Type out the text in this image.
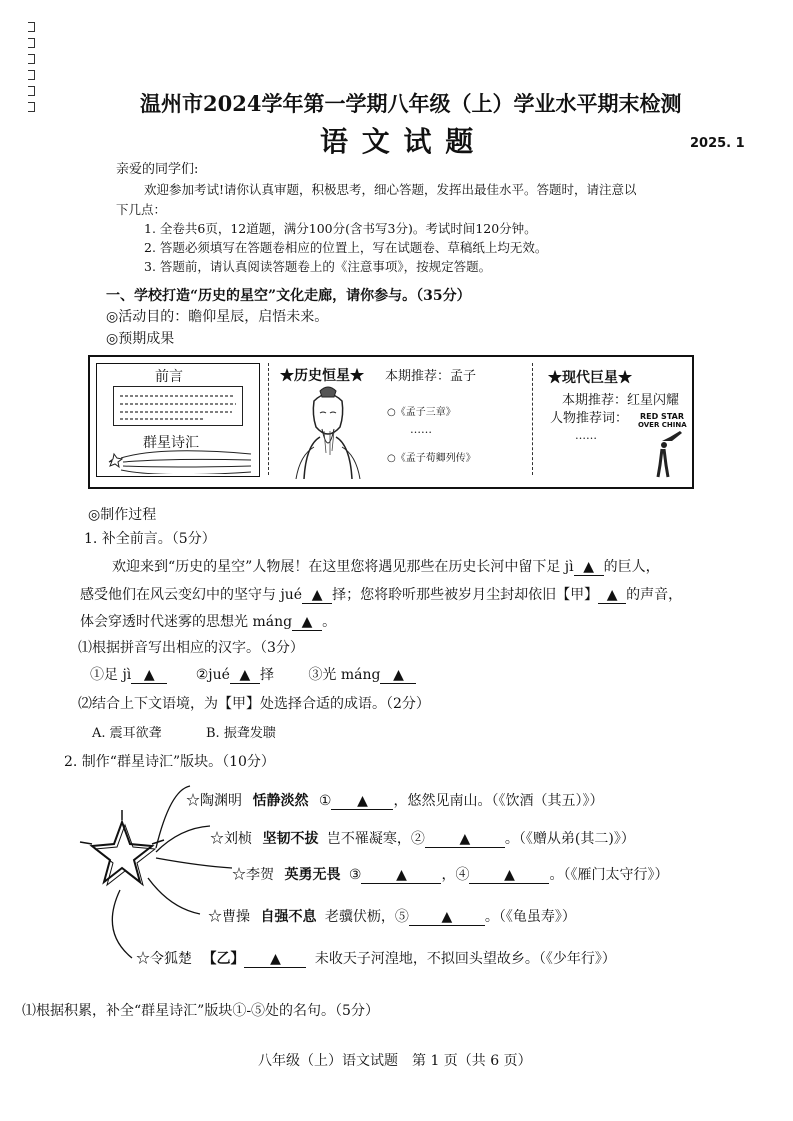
温州市2024学年第一学期八年级（上）学业水平期末检测
语 文 试 题	2025. 1
亲爱的同学们:
欢迎参加考试!请你认真审题，积极思考，细心答题，发挥出最佳水平。答题时，请注意以
下几点：
1. 全卷共6页，12道题，满分100分(含书写3分)。考试时间120分钟。
2. 答题必须填写在答题卷相应的位置上，写在试题卷、草稿纸上均无效。
3. 答题前，请认真阅读答题卷上的《注意事项》，按规定答题。
一、学校打造“历史的星空”文化走廊，请你参与。（35分）
◎活动目的：瞻仰星辰，启悟未来。
◎预期成果
前言
群星诗汇
★历史恒星★ 本期推荐：孟子
○《孟子三章》
……
○《孟子荀卿列传》
★现代巨星★
本期推荐：红星闪耀
人物推荐词：
……
RED STAR
OVER CHINA
◎制作过程
1. 补全前言。（5分）
欢迎来到“历史的星空”人物展！在这里您将遇见那些在历史长河中留下足 jì ▲ 的巨人，
感受他们在风云变幻中的坚守与 jué ▲ 择；您将聆听那些被岁月尘封却依旧【甲】 ▲ 的声音，
体会穿透时代迷雾的思想光 máng ▲ 。
⑴根据拼音写出相应的汉字。（3分）
①足 jì ▲	②jué ▲ 择 ③光 máng ▲
⑵结合上下文语境，为【甲】处选择合适的成语。（2分）
A. 震耳欲聋	B. 振聋发聩
2. 制作“群星诗汇”版块。（10分）
☆陶渊明 恬静淡然 ① ▲ ，悠然见南山。（《饮酒（其五）》）
☆刘桢 坚韧不拔 岂不罹凝寒，② ▲ 。（《赠从弟(其二)》）
☆李贺 英勇无畏 ③ ▲ ，④ ▲ 。（《雁门太守行》）
☆曹操 自强不息 老骥伏枥，⑤ ▲ 。（《龟虽寿》）
☆令狐楚 【乙】 ▲ 未收天子河湟地，不拟回头望故乡。（《少年行》）
⑴根据积累，补全“群星诗汇”版块①-⑤处的名句。（5分）
八年级（上）语文试题　第 1 页（共 6 页）
